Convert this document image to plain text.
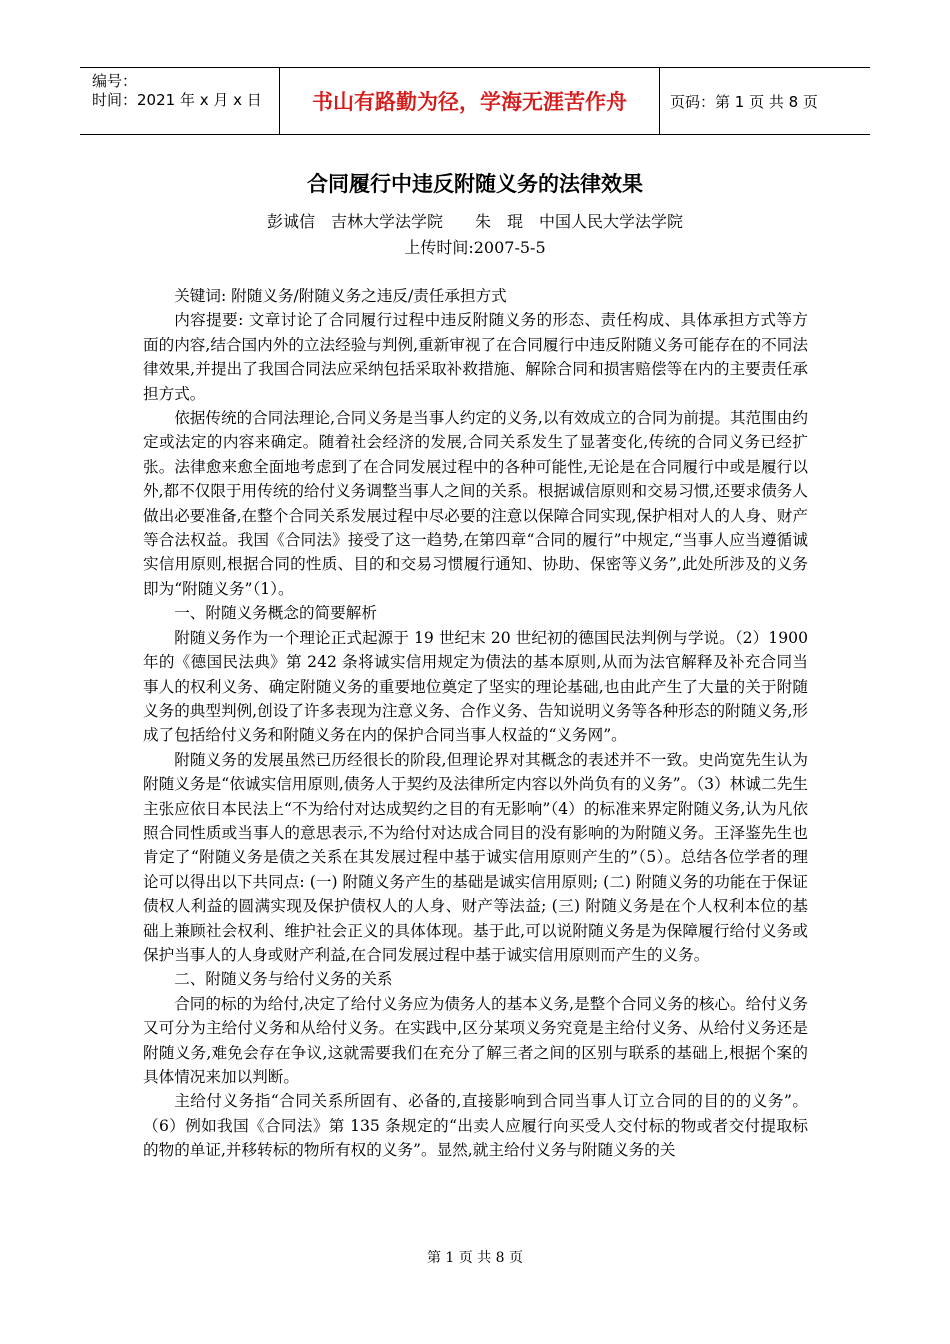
编号：
时间：2021 年 x 月 x 日	书山有路勤为径，学海无涯苦作舟	页码：第 1 页 共 8 页
合同履行中违反附随义务的法律效果
彭诚信　吉林大学法学院　　朱　琨　中国人民大学法学院
上传时间:2007-5-5

关键词: 附随义务/附随义务之违反/责任承担方式

内容提要: 文章讨论了合同履行过程中违反附随义务的形态、责任构成、具体承担方式等方面的内容,结合国内外的立法经验与判例,重新审视了在合同履行中违反附随义务可能存在的不同法律效果,并提出了我国合同法应采纳包括采取补救措施、解除合同和损害赔偿等在内的主要责任承担方式。

依据传统的合同法理论,合同义务是当事人约定的义务,以有效成立的合同为前提。其范围由约定或法定的内容来确定。随着社会经济的发展,合同关系发生了显著变化,传统的合同义务已经扩张。法律愈来愈全面地考虑到了在合同发展过程中的各种可能性,无论是在合同履行中或是履行以外,都不仅限于用传统的给付义务调整当事人之间的关系。根据诚信原则和交易习惯,还要求债务人做出必要准备,在整个合同关系发展过程中尽必要的注意以保障合同实现,保护相对人的人身、财产等合法权益。我国《合同法》接受了这一趋势,在第四章“合同的履行”中规定,“当事人应当遵循诚实信用原则,根据合同的性质、目的和交易习惯履行通知、协助、保密等义务”,此处所涉及的义务即为“附随义务”（1）。

一、附随义务概念的简要解析

附随义务作为一个理论正式起源于 19 世纪末 20 世纪初的德国民法判例与学说。（2）1900 年的《德国民法典》第 242 条将诚实信用规定为债法的基本原则,从而为法官解释及补充合同当事人的权利义务、确定附随义务的重要地位奠定了坚实的理论基础,也由此产生了大量的关于附随义务的典型判例,创设了许多表现为注意义务、合作义务、告知说明义务等各种形态的附随义务,形成了包括给付义务和附随义务在内的保护合同当事人权益的“义务网”。

附随义务的发展虽然已历经很长的阶段,但理论界对其概念的表述并不一致。史尚宽先生认为附随义务是“依诚实信用原则,债务人于契约及法律所定内容以外尚负有的义务”。（3）林诚二先生主张应依日本民法上“不为给付对达成契约之目的有无影响”（4）的标准来界定附随义务,认为凡依照合同性质或当事人的意思表示,不为给付对达成合同目的没有影响的为附随义务。王泽鉴先生也肯定了“附随义务是债之关系在其发展过程中基于诚实信用原则产生的”（5）。总结各位学者的理论可以得出以下共同点: (一) 附随义务产生的基础是诚实信用原则; (二) 附随义务的功能在于保证债权人利益的圆满实现及保护债权人的人身、财产等法益; (三) 附随义务是在个人权利本位的基础上兼顾社会权利、维护社会正义的具体体现。基于此,可以说附随义务是为保障履行给付义务或保护当事人的人身或财产利益,在合同发展过程中基于诚实信用原则而产生的义务。

二、附随义务与给付义务的关系

合同的标的为给付,决定了给付义务应为债务人的基本义务,是整个合同义务的核心。给付义务又可分为主给付义务和从给付义务。在实践中,区分某项义务究竟是主给付义务、从给付义务还是附随义务,难免会存在争议,这就需要我们在充分了解三者之间的区别与联系的基础上,根据个案的具体情况来加以判断。

主给付义务指“合同关系所固有、必备的,直接影响到合同当事人订立合同的目的的义务”。（6）例如我国《合同法》第 135 条规定的“出卖人应履行向买受人交付标的物或者交付提取标的物的单证,并移转标的物所有权的义务”。显然,就主给付义务与附随义务的关

第 1 页 共 8 页
